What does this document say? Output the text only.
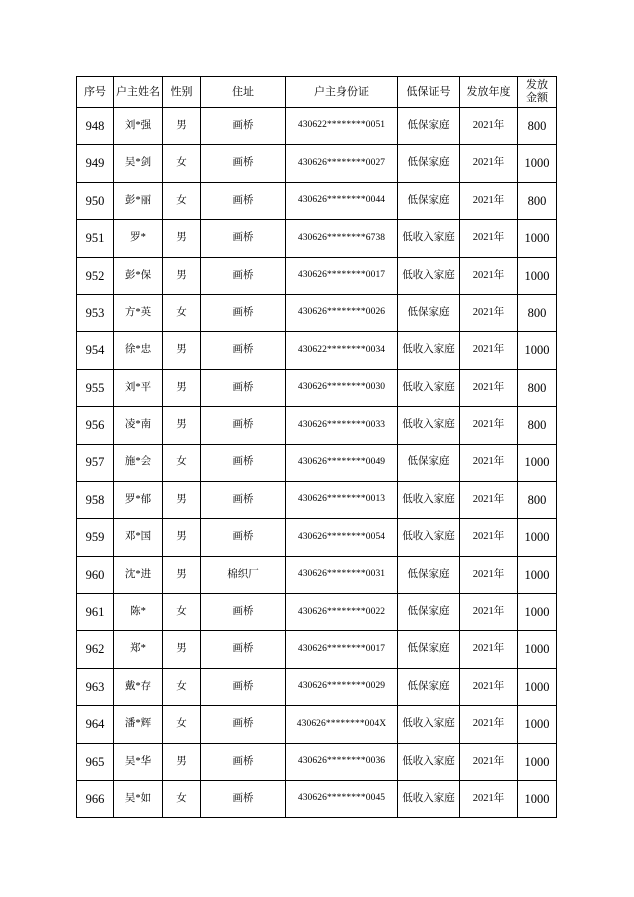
序号	户主姓名	性别	住址	户主身份证	低保证号	发放年度	发放金额
948	刘*强	男	画桥	430622********0051	低保家庭	2021年	800
949	吴*剑	女	画桥	430626********0027	低保家庭	2021年	1000
950	彭*丽	女	画桥	430626********0044	低保家庭	2021年	800
951	罗*	男	画桥	430626********6738	低收入家庭	2021年	1000
952	彭*保	男	画桥	430626********0017	低收入家庭	2021年	1000
953	方*英	女	画桥	430626********0026	低保家庭	2021年	800
954	徐*忠	男	画桥	430622********0034	低收入家庭	2021年	1000
955	刘*平	男	画桥	430626********0030	低收入家庭	2021年	800
956	凌*南	男	画桥	430626********0033	低收入家庭	2021年	800
957	施*会	女	画桥	430626********0049	低保家庭	2021年	1000
958	罗*郁	男	画桥	430626********0013	低收入家庭	2021年	800
959	邓*国	男	画桥	430626********0054	低收入家庭	2021年	1000
960	沈*进	男	棉织厂	430626********0031	低保家庭	2021年	1000
961	陈*	女	画桥	430626********0022	低保家庭	2021年	1000
962	郑*	男	画桥	430626********0017	低保家庭	2021年	1000
963	戴*存	女	画桥	430626********0029	低保家庭	2021年	1000
964	潘*辉	女	画桥	430626********004X	低收入家庭	2021年	1000
965	吴*华	男	画桥	430626********0036	低收入家庭	2021年	1000
966	吴*如	女	画桥	430626********0045	低收入家庭	2021年	1000
